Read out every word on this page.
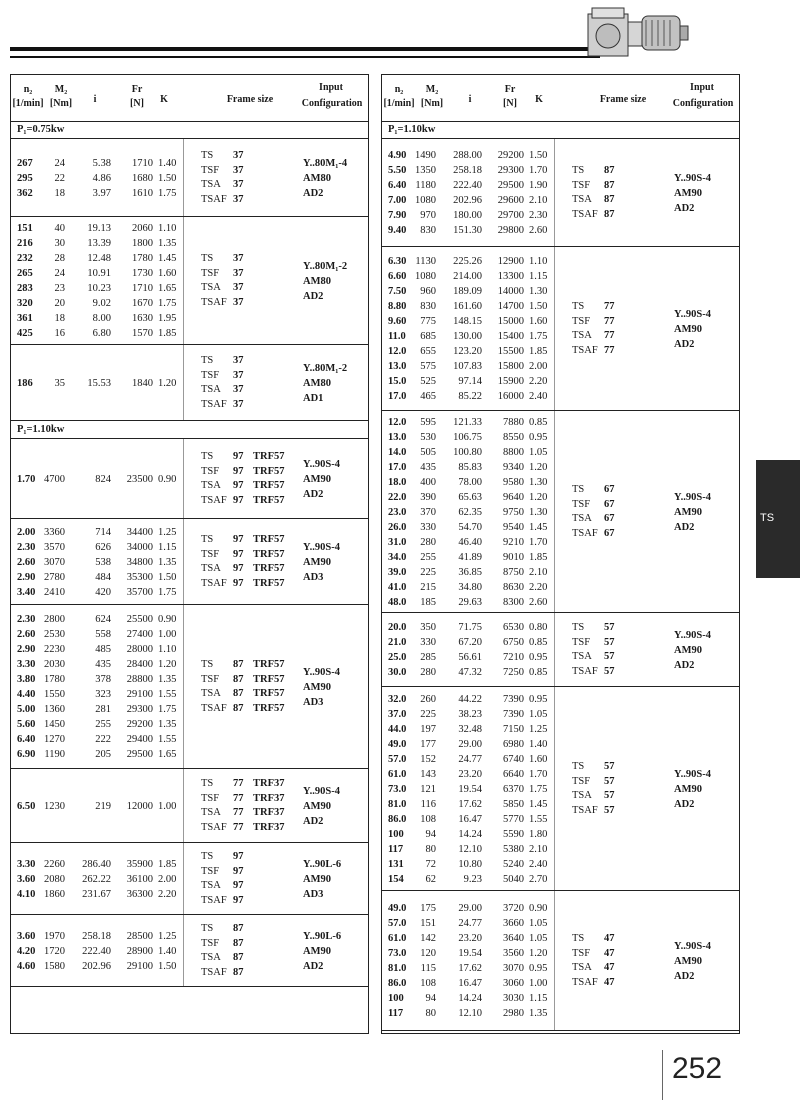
n₂
[1/min]
M₂
[Nm]	i
Fr
[N]	K	Frame size
Input
Configuration
P₁=0.75kw
267 24	5.38 1710 1.40
295 22	4.86 1680 1.50
362 18	3.97 1610 1.75
TS 37
TSF 37
TSA 37
TSAF 37
Y..80M₁-4
AM80
AD2
151 40 19.13 2060 1.10
216 30 13.39 1800 1.35
232 28 12.48 1780 1.45
265 24 10.91 1730 1.60
283 23 10.23 1710 1.65
320 20	9.02 1670 1.75
361 18	8.00 1630 1.95
425 16	6.80 1570 1.85
TS 37
TSF 37
TSA 37
TSAF 37
Y..80M₁-2
AM80
AD2
186 35 15.53 1840 1.20
TS 37
TSF 37
TSA 37
TSAF 37
Y..80M₁-2
AM80
AD1
P₁=1.10kw
1.70 4700	824 23500 0.90
TS 97 TRF57
TSF 97 TRF57
TSA 97 TRF57
TSAF 97 TRF57
Y..90S-4
AM90
AD2
2.00 3360	714 34400 1.25
2.30 3570	626 34000 1.15
2.60 3070	538 34800 1.35
2.90 2780	484 35300 1.50
3.40 2410	420 35700 1.75
TS 97 TRF57
TSF 97 TRF57
TSA 97 TRF57
TSAF 97 TRF57
Y..90S-4
AM90
AD3
2.30 2800	624 25500 0.90
2.60 2530	558 27400 1.00
2.90 2230	485 28000 1.10
3.30 2030	435 28400 1.20
3.80 1780	378 28800 1.35
4.40 1550	323 29100 1.55
5.00 1360	281 29300 1.75
5.60 1450	255 29200 1.35
6.40 1270	222 29400 1.55
6.90 1190	205 29500 1.65
TS 87 TRF57
TSF 87 TRF57
TSA 87 TRF57
TSAF 87 TRF57
Y..90S-4
AM90
AD3
6.50 1230	219 12000 1.00
TS 77 TRF37
TSF 77 TRF37
TSA 77 TRF37
TSAF 77 TRF37
Y..90S-4
AM90
AD2
3.30 2260 286.40 35900 1.85
3.60 2080 262.22 36100 2.00
4.10 1860 231.67 36300 2.20
TS 97
TSF 97
TSA 97
TSAF 97
Y..90L-6
AM90
AD3
3.60 1970 258.18 28500 1.25
4.20 1720 222.40 28900 1.40
4.60 1580 202.96 29100 1.50
TS 87
TSF 87
TSA 87
TSAF 87
Y..90L-6
AM90
AD2
n₂
[1/min]
M₂
[Nm]	i
Fr
[N]	K	Frame size
Input
Configuration
P₁=1.10kw
4.90 1490 288.00 29200 1.50
5.50 1350 258.18 29300 1.70
6.40 1180 222.40 29500 1.90
7.00 1080 202.96 29600 2.10
7.90 970 180.00 29700 2.30
9.40 830 151.30 29800 2.60
TS 87
TSF 87
TSA 87
TSAF 87
Y..90S-4
AM90
AD2
6.30 1130 225.26 12900 1.10
6.60 1080 214.00 13300 1.15
7.50 960 189.09 14000 1.30
8.80 830 161.60 14700 1.50
9.60 775 148.15 15000 1.60
11.0 685 130.00 15400 1.75
12.0 655 123.20 15500 1.85
13.0 575 107.83 15800 2.00
15.0 525 97.14 15900 2.20
17.0 465 85.22 16000 2.40
TS 77
TSF 77
TSA 77
TSAF 77
Y..90S-4
AM90
AD2
12.0 595 121.33 7880 0.85
13.0 530 106.75 8550 0.95
14.0 505 100.80 8800 1.05
17.0 435 85.83 9340 1.20
18.0 400 78.00 9580 1.30
22.0 390 65.63 9640 1.20
23.0 370 62.35 9750 1.30
26.0 330 54.70 9540 1.45
31.0 280 46.40 9210 1.70
34.0 255 41.89 9010 1.85
39.0 225 36.85 8750 2.10
41.0 215 34.80 8630 2.20
48.0 185 29.63 8300 2.60
TS 67
TSF 67
TSA 67
TSAF 67
Y..90S-4
AM90
AD2
20.0 350 71.75 6530 0.80
21.0 330 67.20 6750 0.85
25.0 285 56.61 7210 0.95
30.0 280 47.32 7250 0.85
TS 57
TSF 57
TSA 57
TSAF 57
Y..90S-4
AM90
AD2
32.0 260 44.22 7390 0.95
37.0 225 38.23 7390 1.05
44.0 197 32.48 7150 1.25
49.0 177 29.00 6980 1.40
57.0 152 24.77 6740 1.60
61.0 143 23.20 6640 1.70
73.0 121 19.54 6370 1.75
81.0 116 17.62 5850 1.45
86.0 108 16.47 5770 1.55
100 94 14.24 5590 1.80
117 80 12.10 5380 2.10
131 72 10.80 5240 2.40
154 62	9.23 5040 2.70
TS 57
TSF 57
TSA 57
TSAF 57
Y..90S-4
AM90
AD2
49.0 175 29.00 3720 0.90
57.0 151 24.77 3660 1.05
61.0 142 23.20 3640 1.05
73.0 120 19.54 3560 1.20
81.0 115 17.62 3070 0.95
86.0 108 16.47 3060 1.00
100 94 14.24 3030 1.15
117 80 12.10 2980 1.35
TS 47
TSF 47
TSA 47
TSAF 47
Y..90S-4
AM90
AD2
TS
252
